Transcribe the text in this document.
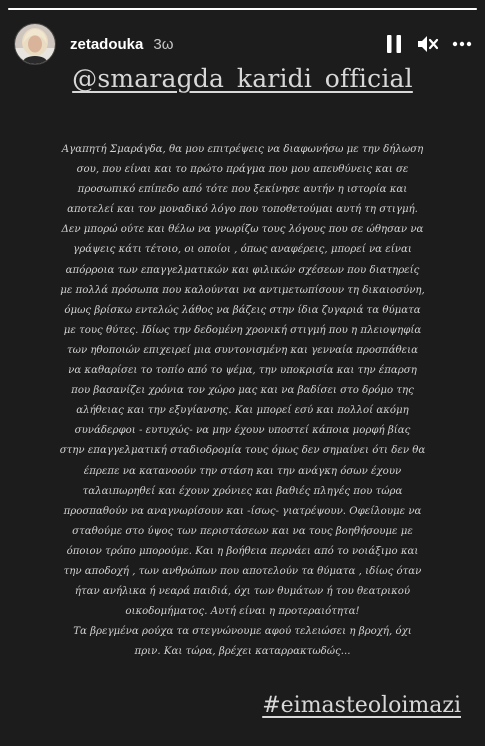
zetadouka 3ω
@smaragda_karidi_official
Αγαπητή Σμαράγδα, θα μου επιτρέψεις να διαφωνήσω με την δήλωση
σου, που είναι και το πρώτο πράγμα που μου απευθύνεις και σε
προσωπικό επίπεδο από τότε που ξεκίνησε αυτήν η ιστορία και
αποτελεί και τον μοναδικό λόγο που τοποθετούμαι αυτή τη στιγμή.
Δεν μπορώ ούτε και θέλω να γνωρίζω τους λόγους που σε ώθησαν να
γράψεις κάτι τέτοιο, οι οποίοι , όπως αναφέρεις, μπορεί να είναι
απόρροια των επαγγελματικών και φιλικών σχέσεων που διατηρείς
με πολλά πρόσωπα που καλούνται να αντιμετωπίσουν τη δικαιοσύνη,
όμως βρίσκω εντελώς λάθος να βάζεις στην ίδια ζυγαριά τα θύματα
με τους θύτες. Ιδίως την δεδομένη χρονική στιγμή που η πλειοψηφία
των ηθοποιών επιχειρεί μια συντονισμένη και γενναία προσπάθεια
να καθαρίσει το τοπίο από το ψέμα, την υποκρισία και την έπαρση
που βασανίζει χρόνια τον χώρο μας και να βαδίσει στο δρόμο της
αλήθειας και την εξυγίανσης. Και μπορεί εσύ και πολλοί ακόμη
συνάδερφοι - ευτυχώς- να μην έχουν υποστεί κάποια μορφή βίας
στην επαγγελματική σταδιοδρομία τους όμως δεν σημαίνει ότι δεν θα
έπρεπε να κατανοούν την στάση και την ανάγκη όσων έχουν
ταλαιπωρηθεί και έχουν χρόνιες και βαθιές πληγές που τώρα
προσπαθούν να αναγνωρίσουν και -ίσως- γιατρέψουν. Οφείλουμε να
σταθούμε στο ύψος των περιστάσεων και να τους βοηθήσουμε με
όποιον τρόπο μπορούμε. Και η βοήθεια περνάει από το νοιάξιμο και
την αποδοχή , των ανθρώπων που αποτελούν τα θύματα , ιδίως όταν
ήταν ανήλικα ή νεαρά παιδιά, όχι των θυμάτων ή του θεατρικού
οικοδομήματος. Αυτή είναι η προτεραιότητα!
Τα βρεγμένα ρούχα τα στεγνώνουμε αφού τελειώσει η βροχή, όχι
πριν. Και τώρα, βρέχει καταρρακτωδώς...
#eimasteoloimazi
